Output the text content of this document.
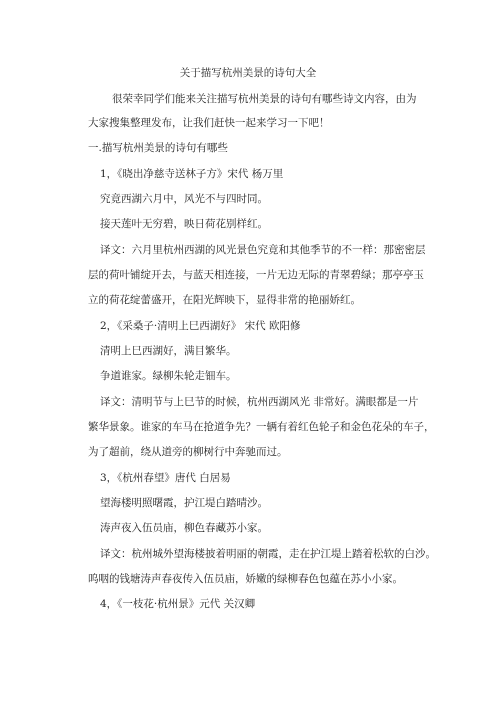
关于描写杭州美景的诗句大全
很荣幸同学们能来关注描写杭州美景的诗句有哪些诗文内容，由为
大家搜集整理发布，让我们赶快一起来学习一下吧！
一.描写杭州美景的诗句有哪些
1，《晓出净慈寺送林子方》宋代 杨万里
究竟西湖六月中，风光不与四时同。
接天莲叶无穷碧，映日荷花别样红。
译文：六月里杭州西湖的风光景色究竟和其他季节的不一样：那密密层
层的荷叶铺绽开去，与蓝天相连接，一片无边无际的青翠碧绿；那亭亭玉
立的荷花绽蕾盛开，在阳光辉映下，显得非常的艳丽娇红。
2，《采桑子·清明上巳西湖好》 宋代 欧阳修
清明上巳西湖好，满目繁华。
争道谁家。绿柳朱轮走钿车。
译文：清明节与上巳节的时候，杭州西湖风光 非常好。满眼都是一片
繁华景象。谁家的车马在抢道争先？一辆有着红色轮子和金色花朵的车子，
为了超前，绕从道旁的柳树行中奔驰而过。
3，《杭州春望》唐代 白居易
望海楼明照曙霞，护江堤白踏晴沙。
涛声夜入伍员庙，柳色春藏苏小家。
译文：杭州城外望海楼披着明丽的朝霞，走在护江堤上踏着松软的白沙。
呜咽的钱塘涛声春夜传入伍员庙，娇嫩的绿柳春色包蕴在苏小小家。
4，《一枝花·杭州景》元代 关汉卿
